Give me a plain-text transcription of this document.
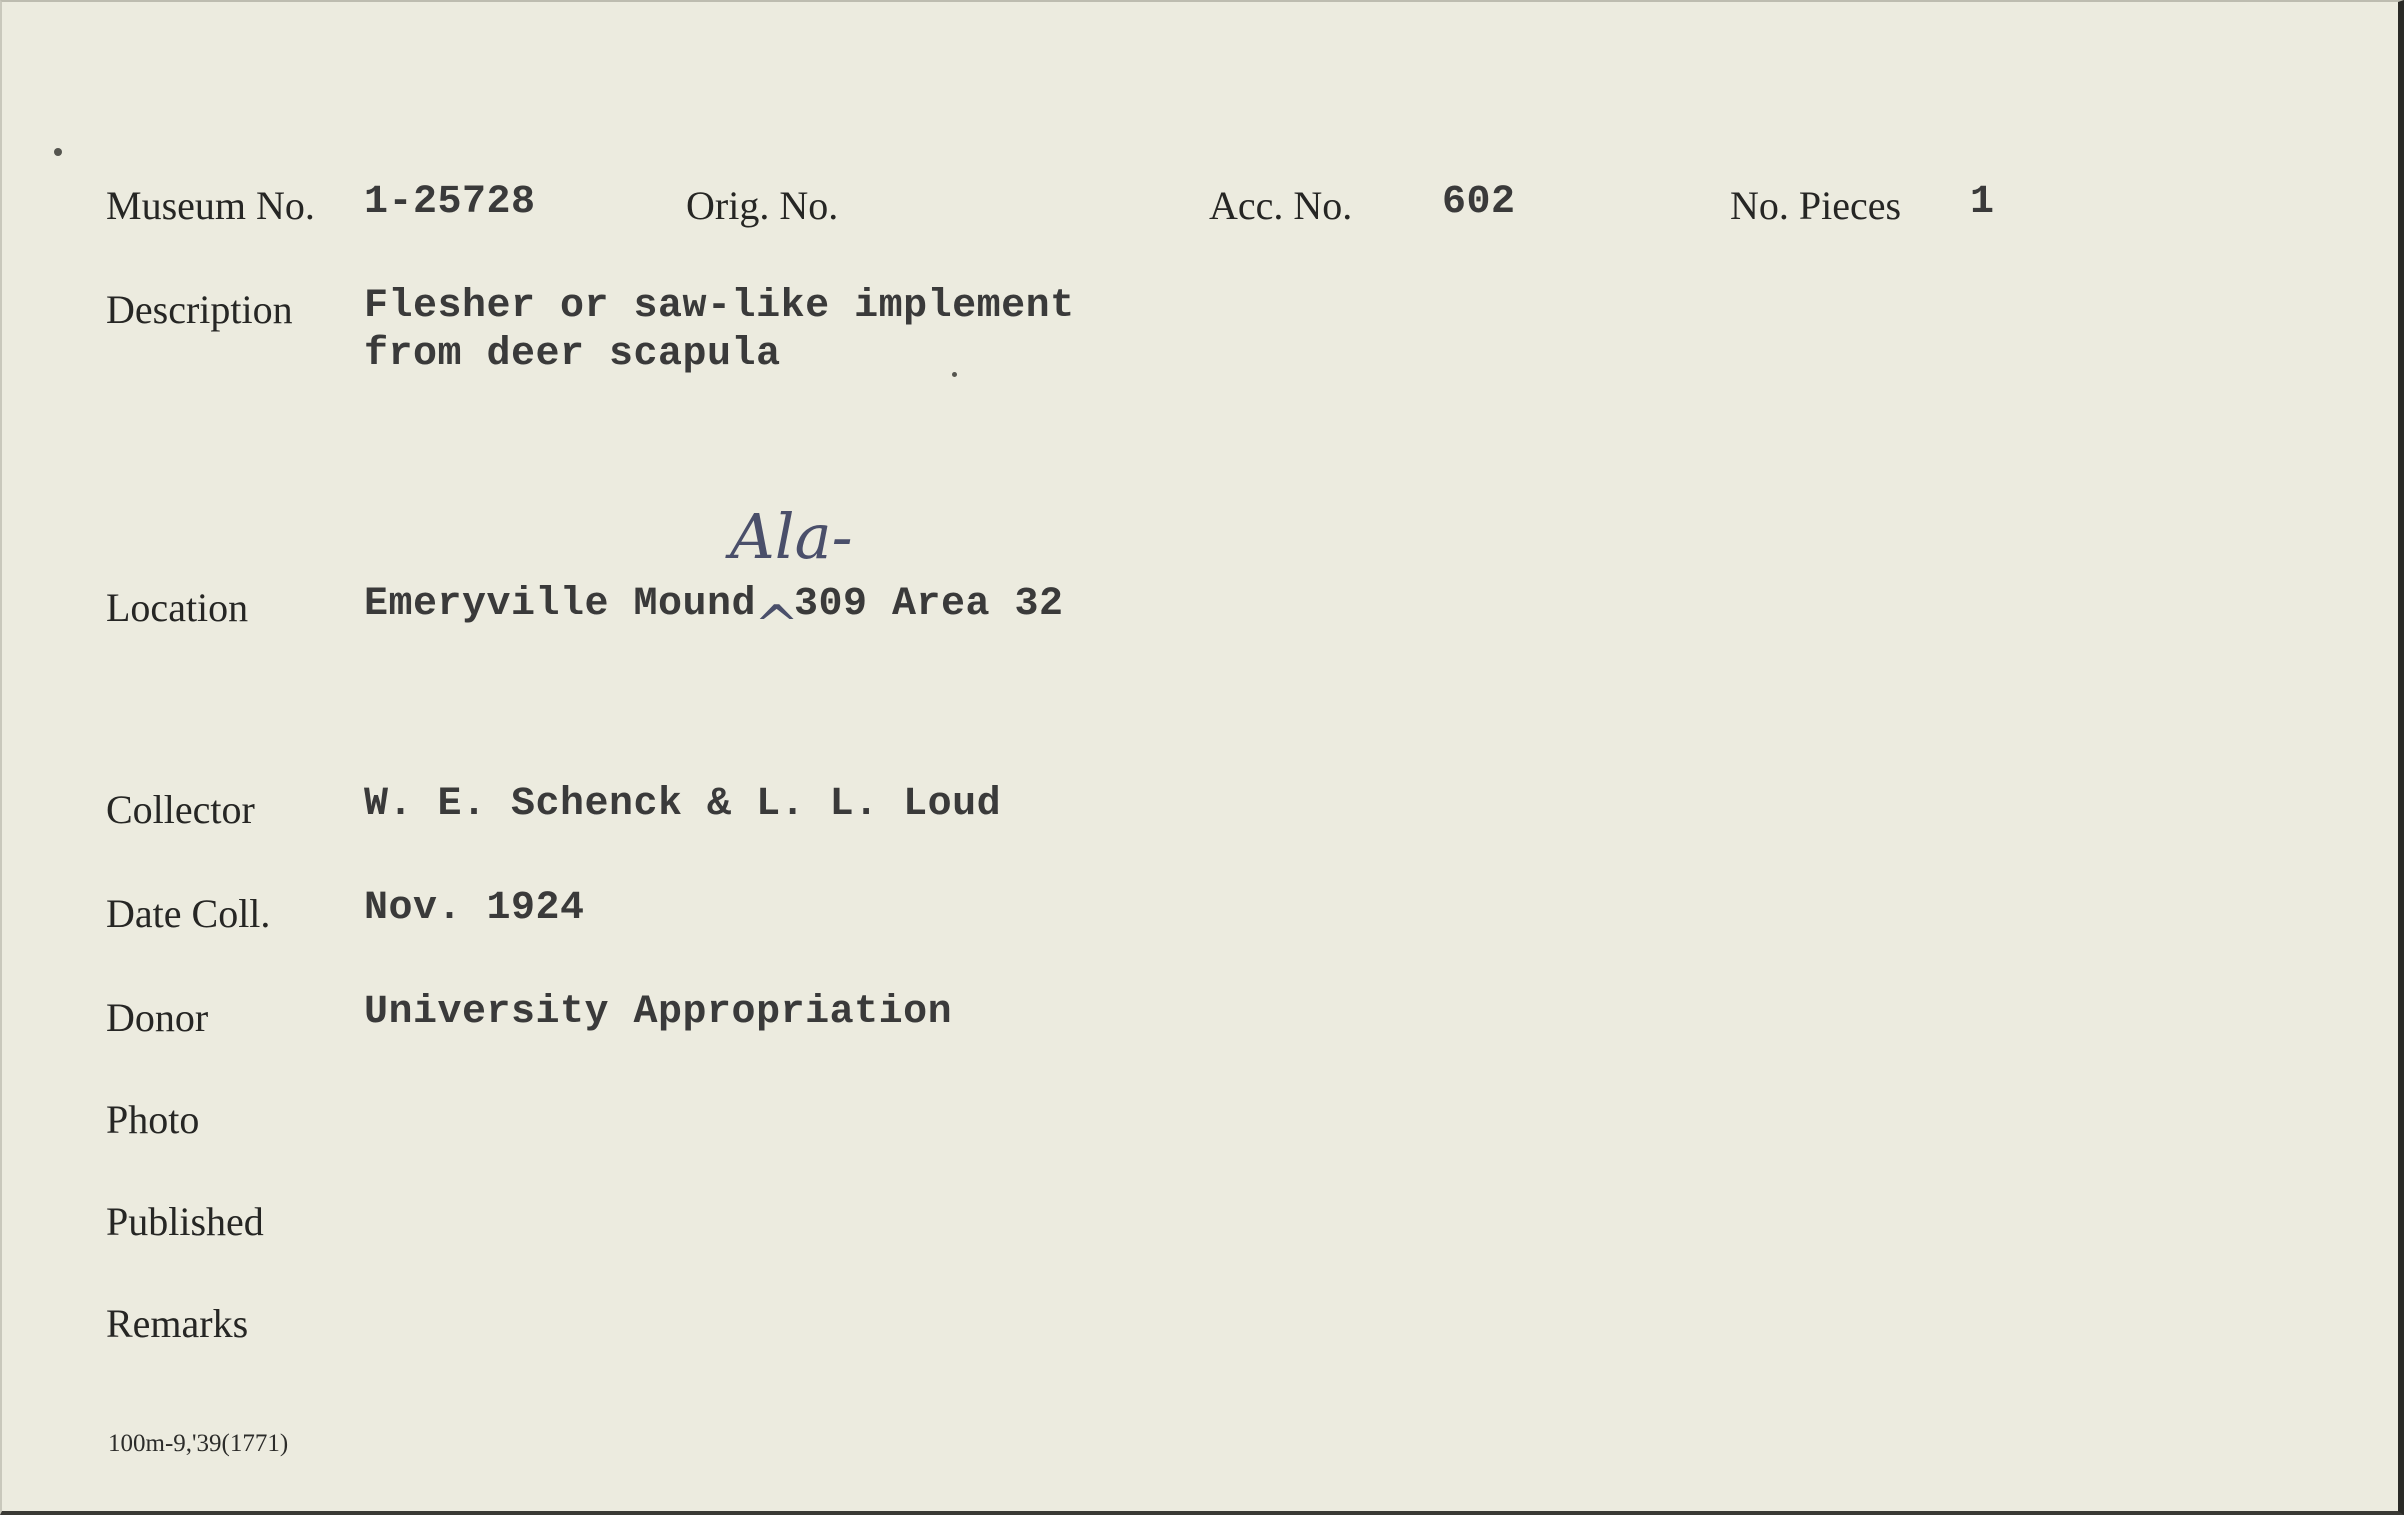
Museum No. 1-25728	Orig. No.	Acc. No. 602	No. Pieces 1
Description Flesher or saw-like implement
from deer scapula
Location	Emeryville Mound 309 Area 32
Ala-
^
Collector	W. E. Schenck & L. L. Loud
Date Coll. Nov. 1924
Donor	University Appropriation
Photo
Published
Remarks
100m-9,'39(1771)
